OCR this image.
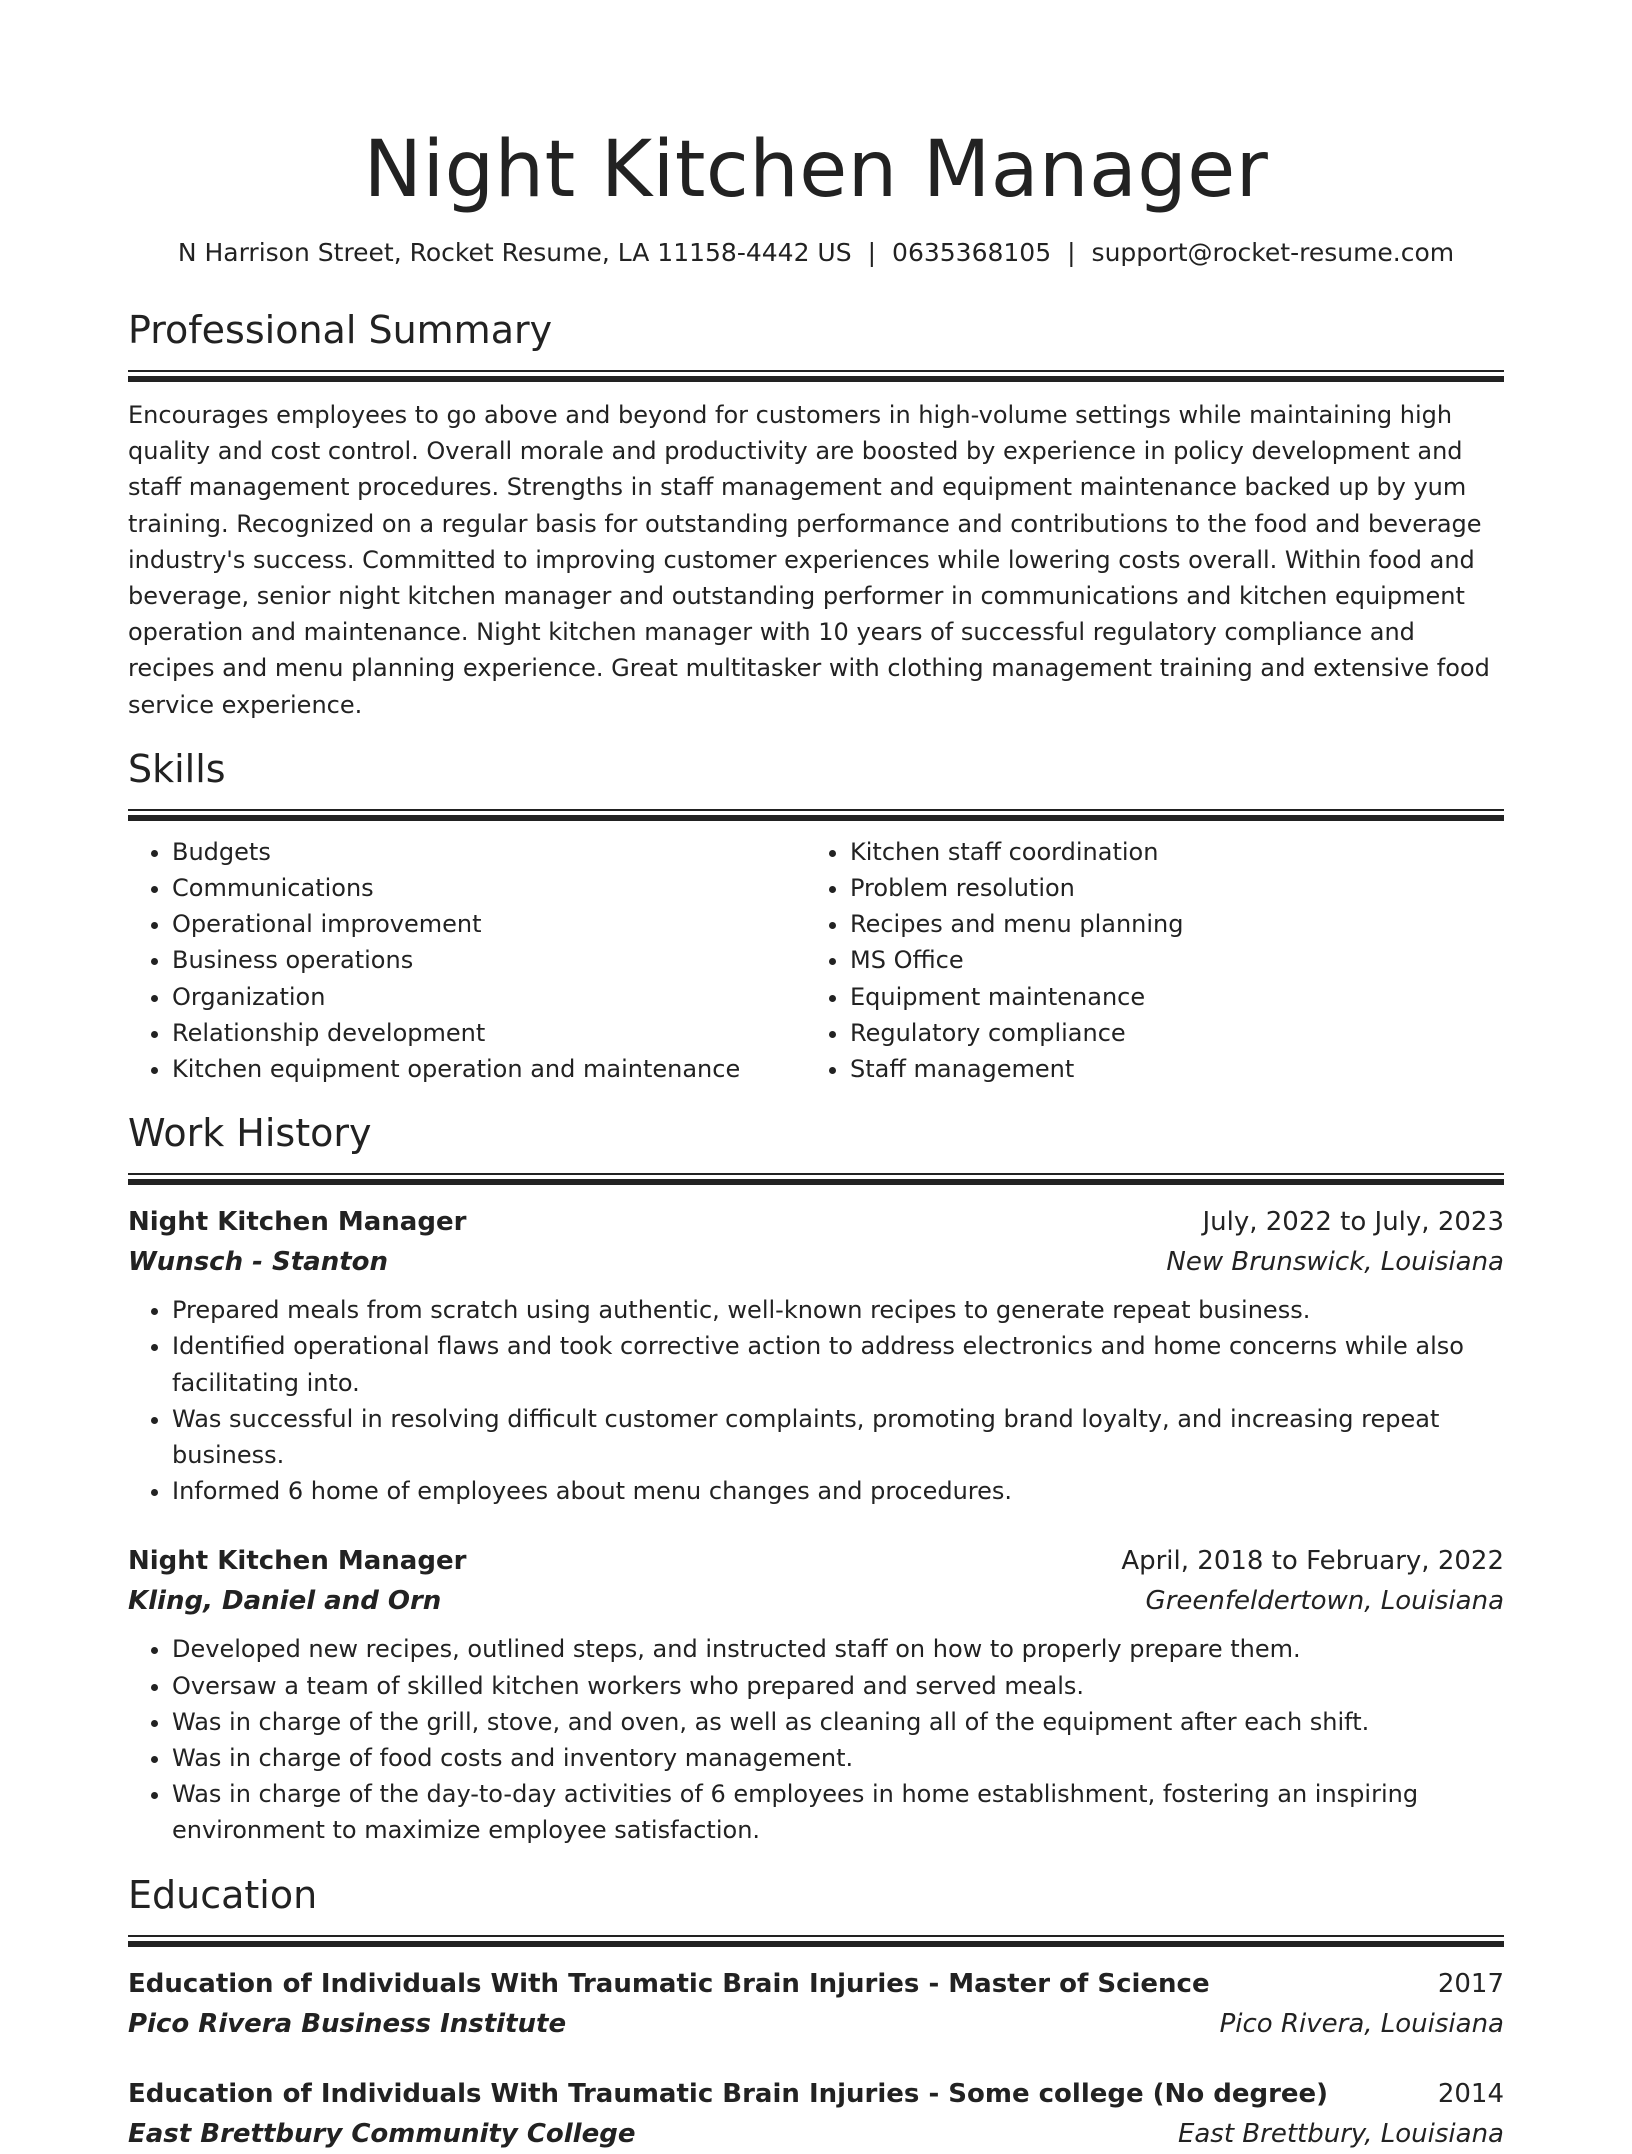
Night Kitchen Manager
N Harrison Street, Rocket Resume, LA 11158-4442 US | 0635368105 | support@rocket-resume.com
Professional Summary
Encourages employees to go above and beyond for customers in high-volume settings while maintaining high quality and cost control. Overall morale and productivity are boosted by experience in policy development and staff management procedures. Strengths in staff management and equipment maintenance backed up by yum training. Recognized on a regular basis for outstanding performance and contributions to the food and beverage industry's success. Committed to improving customer experiences while lowering costs overall. Within food and beverage, senior night kitchen manager and outstanding performer in communications and kitchen equipment operation and maintenance. Night kitchen manager with 10 years of successful regulatory compliance and recipes and menu planning experience. Great multitasker with clothing management training and extensive food service experience.
Skills
• Budgets
• Communications
• Operational improvement
• Business operations
• Organization
• Relationship development
• Kitchen equipment operation and maintenance
• Kitchen staff coordination
• Problem resolution
• Recipes and menu planning
• MS Office
• Equipment maintenance
• Regulatory compliance
• Staff management
Work History
Night Kitchen Manager	July, 2022 to July, 2023
Wunsch - Stanton	New Brunswick, Louisiana
• Prepared meals from scratch using authentic, well-known recipes to generate repeat business.
• Identified operational flaws and took corrective action to address electronics and home concerns while also facilitating into.
• Was successful in resolving difficult customer complaints, promoting brand loyalty, and increasing repeat business.
• Informed 6 home of employees about menu changes and procedures.
Night Kitchen Manager	April, 2018 to February, 2022
Kling, Daniel and Orn	Greenfeldertown, Louisiana
• Developed new recipes, outlined steps, and instructed staff on how to properly prepare them.
• Oversaw a team of skilled kitchen workers who prepared and served meals.
• Was in charge of the grill, stove, and oven, as well as cleaning all of the equipment after each shift.
• Was in charge of food costs and inventory management.
• Was in charge of the day-to-day activities of 6 employees in home establishment, fostering an inspiring environment to maximize employee satisfaction.
Education
Education of Individuals With Traumatic Brain Injuries - Master of Science	2017
Pico Rivera Business Institute	Pico Rivera, Louisiana
Education of Individuals With Traumatic Brain Injuries - Some college (No degree)	2014
East Brettbury Community College	East Brettbury, Louisiana
